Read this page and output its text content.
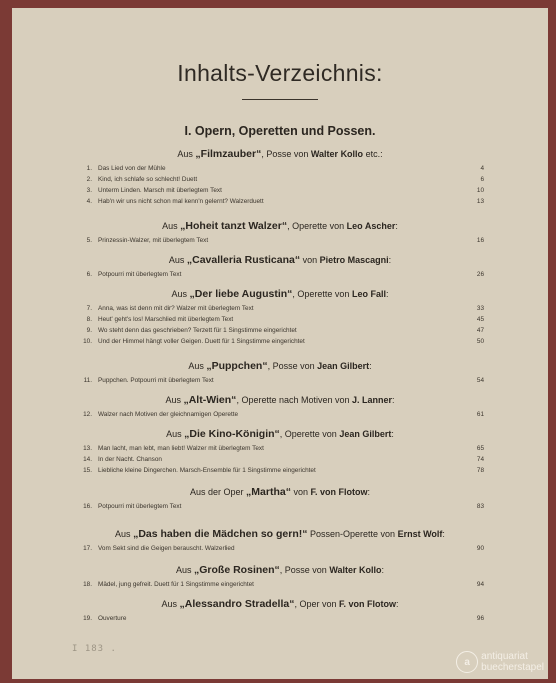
Inhalts-Verzeichnis:
I. Opern, Operetten und Possen.
Aus „Filmzauber“, Posse von Walter Kollo etc.:
1. Das Lied von der Mühle	4
2. Kind, ich schlafe so schlecht! Duett	6
3. Unterm Linden. Marsch mit überlegtem Text	10
4. Hab'n wir uns nicht schon mal kenn'n gelernt? Walzerduett	13
Aus „Hoheit tanzt Walzer“, Operette von Leo Ascher:
5. Prinzessin-Walzer, mit überlegtem Text	16
Aus „Cavalleria Rusticana“ von Pietro Mascagni:
6. Potpourri mit überlegtem Text	26
Aus „Der liebe Augustin“, Operette von Leo Fall:
7. Anna, was ist denn mit dir? Walzer mit überlegtem Text	33
8. Heut' geht's los! Marschlied mit überlegtem Text	45
9. Wo steht denn das geschrieben? Terzett für 1 Singstimme eingerichtet	47
10. Und der Himmel hängt voller Geigen. Duett für 1 Singstimme eingerichtet	50
Aus „Puppchen“, Posse von Jean Gilbert:
11. Puppchen. Potpourri mit überlegtem Text	54
Aus „Alt-Wien“, Operette nach Motiven von J. Lanner:
12. Walzer nach Motiven der gleichnamigen Operette	61
Aus „Die Kino-Königin“, Operette von Jean Gilbert:
13. Man lacht, man lebt, man liebt! Walzer mit überlegtem Text	65
14. In der Nacht. Chanson	74
15. Liebliche kleine Dingerchen. Marsch-Ensemble für 1 Singstimme eingerichtet	78
Aus der Oper „Martha“ von F. von Flotow:
16. Potpourri mit überlegtem Text	83
Aus „Das haben die Mädchen so gern!“ Possen-Operette von Ernst Wolf:
17. Vom Sekt sind die Geigen berauscht. Walzerlied	90
Aus „Große Rosinen“, Posse von Walter Kollo:
18. Mädel, jung gefreit. Duett für 1 Singstimme eingerichtet	94
Aus „Alessandro Stradella“, Oper von F. von Flotow:
19. Ouverture	96
I 183 .
a	antiquariat
buecherstapel
